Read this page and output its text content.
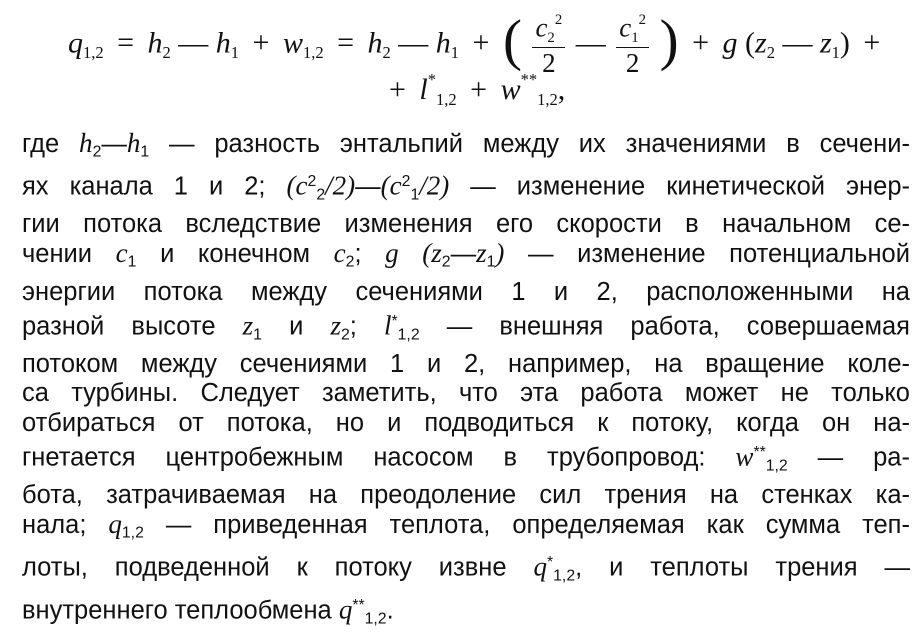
$q_{1,2} = h_2$ — $h_1 + w_{1,2} = h_2$ — $h_1$ + ( $\frac{c_2^2}{2}$ — $\frac{c_1^2}{2}$ ) + g ($z_2$ — $z_1$) +
+ $l^*_{1,2} + w^{**}_{1,2}$,
где h2—h1 — разность энтальпий между их значениями в сечени-
ях канала 1 и 2; $(c^22/2)—(c^21/2)$ — изменение кинетической энер-
гии потока вследствие изменения его скорости в начальном се-
чении c1 и конечном c2; g (z2—z1) — изменение потенциальной
энергии потока между сечениями 1 и 2, расположенными на
разной высоте z1 и z2; l*1,2 — внешняя работа, совершаемая
потоком между сечениями 1 и 2, например, на вращение коле-
са турбины. Следует заметить, что эта работа может не только
отбираться от потока, но и подводиться к потоку, когда он на-
гнетается центробежным насосом в трубопровод: w**1,2 — ра-
бота, затрачиваемая на преодоление сил трения на стенках ка-
нала; q1,2 — приведенная теплота, определяемая как сумма теп-
лоты, подведенной к потоку извне q*1,2, и теплоты трения —
внутреннего теплообмена q**1,2.
